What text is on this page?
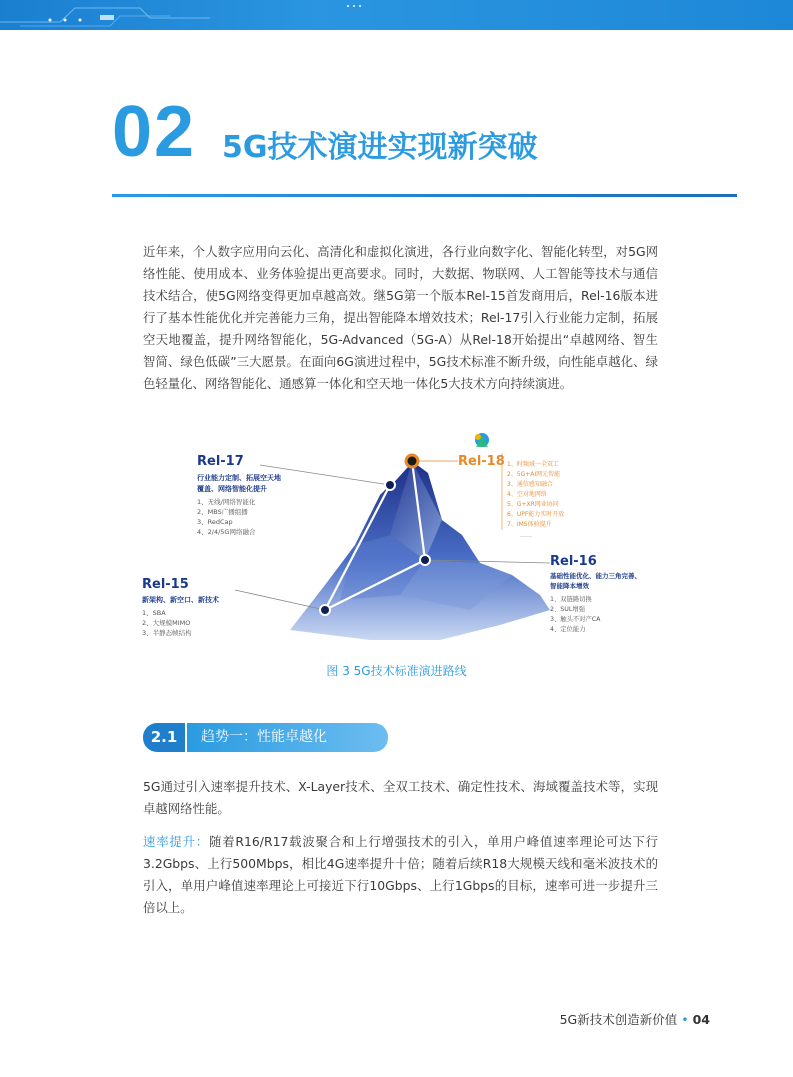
02 5G技术演进实现新突破
近年来，个人数字应用向云化、高清化和虚拟化演进，各行业向数字化、智能化转型，对5G网络性能、使用成本、业务体验提出更高要求。同时，大数据、物联网、人工智能等技术与通信技术结合，使5G网络变得更加卓越高效。继5G第一个版本Rel-15首发商用后，Rel-16版本进行了基本性能优化并完善能力三角，提出智能降本增效技术；Rel-17引入行业能力定制，拓展空天地覆盖，提升网络智能化，5G-Advanced（5G-A）从Rel-18开始提出“卓越网络、智生智简、绿色低碳”三大愿景。在面向6G演进过程中，5G技术标准不断升级，向性能卓越化、绿色轻量化、网络智能化、通感算一体化和空天地一体化5大技术方向持续演进。
Rel-15
新架构、新空口、新技术
1、SBA
2、大规模MIMO
3、半静态帧结构
Rel-17
行业能力定制、拓展空天地
覆盖、网络智能化提升
1、无线/网络智能化
2、MBS广播组播
3、RedCap
4、2/4/5G网络融合
Rel-18 1、时频域一全双工
2、5G+AI网元智能
3、通信感知融合
4、空对地网络
5、G+XR网业协同
6、UPF能力实时开放
7、IMS体验提升
……
Rel-16
基础性能优化、能力三角完善、
智能降本增效
1、双链路切换
2、SUL增强
3、触头不对产CA
4、定位能力
图 3 5G技术标准演进路线
2.1	趋势一：性能卓越化
5G通过引入速率提升技术、X-Layer技术、全双工技术、确定性技术、海域覆盖技术等，实现卓越网络性能。
速率提升：随着R16/R17载波聚合和上行增强技术的引入，单用户峰值速率理论可达下行3.2Gbps、上行500Mbps，相比4G速率提升十倍；随着后续R18大规模天线和毫米波技术的引入，单用户峰值速率理论上可接近下行10Gbps、上行1Gbps的目标，速率可进一步提升三倍以上。
5G新技术创造新价值 • 04
